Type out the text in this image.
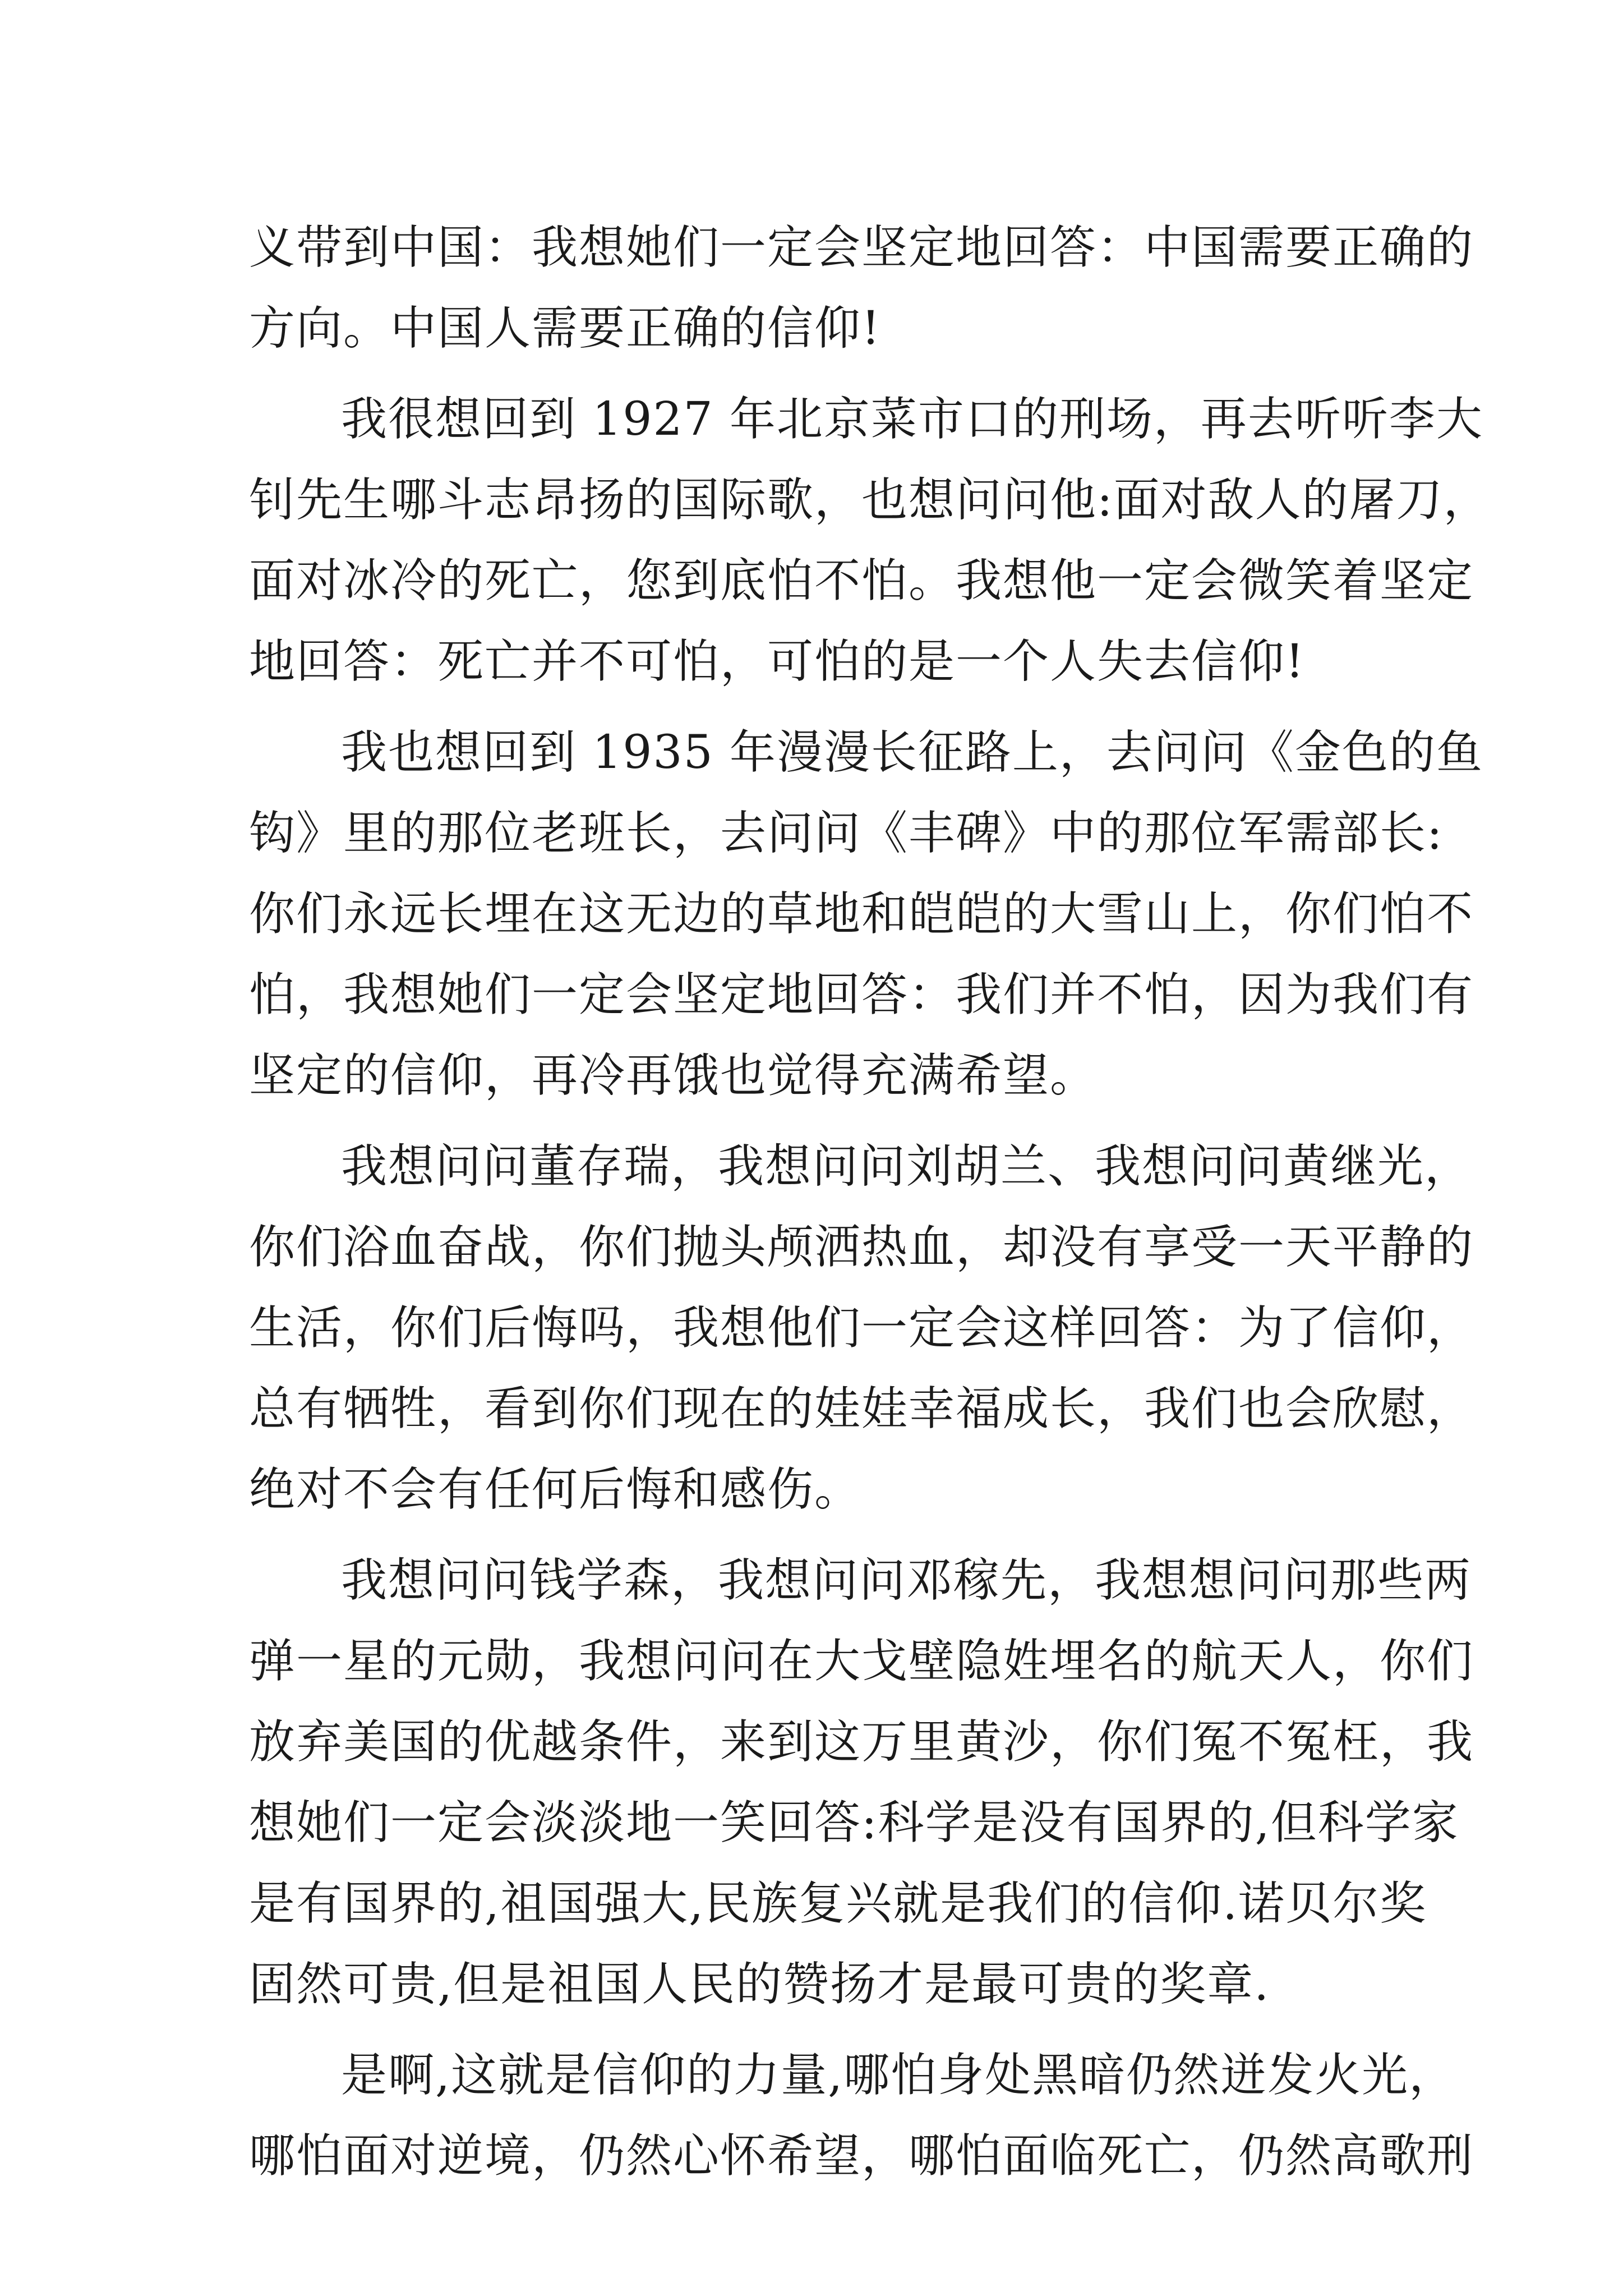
义带到中国：我想她们一定会坚定地回答：中国需要正确的
方向。中国人需要正确的信仰!
我很想回到 1927 年北京菜市口的刑场，再去听听李大
钊先生哪斗志昂扬的国际歌，也想问问他:面对敌人的屠刀，
面对冰冷的死亡，您到底怕不怕。我想他一定会微笑着坚定
地回答：死亡并不可怕，可怕的是一个人失去信仰!
我也想回到 1935 年漫漫长征路上，去问问《金色的鱼
钩》里的那位老班长，去问问《丰碑》中的那位军需部长:
你们永远长埋在这无边的草地和皑皑的大雪山上，你们怕不
怕，我想她们一定会坚定地回答：我们并不怕，因为我们有
坚定的信仰，再冷再饿也觉得充满希望。
我想问问董存瑞，我想问问刘胡兰、我想问问黄继光，
你们浴血奋战，你们抛头颅洒热血，却没有享受一天平静的
生活，你们后悔吗，我想他们一定会这样回答：为了信仰，
总有牺牲，看到你们现在的娃娃幸福成长，我们也会欣慰，
绝对不会有任何后悔和感伤。
我想问问钱学森，我想问问邓稼先，我想想问问那些两
弹一星的元勋，我想问问在大戈壁隐姓埋名的航天人，你们
放弃美国的优越条件，来到这万里黄沙，你们冤不冤枉，我
想她们一定会淡淡地一笑回答:科学是没有国界的,但科学家
是有国界的,祖国强大,民族复兴就是我们的信仰.诺贝尔奖
固然可贵,但是祖国人民的赞扬才是最可贵的奖章.
是啊,这就是信仰的力量,哪怕身处黑暗仍然迸发火光，
哪怕面对逆境，仍然心怀希望，哪怕面临死亡，仍然高歌刑
